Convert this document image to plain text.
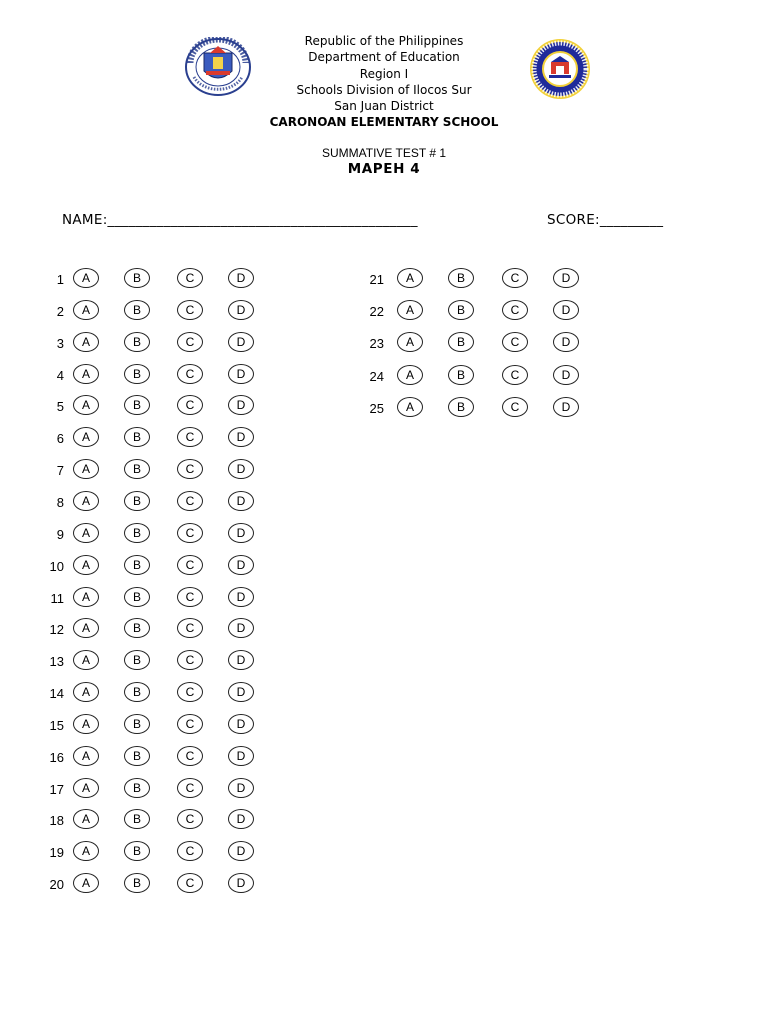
Republic of the Philippines
Department of Education
Region I
Schools Division of Ilocos Sur
San Juan District
CARONOAN ELEMENTARY SCHOOL
SUMMATIVE TEST # 1
MAPEH 4
NAME:____________________________________________	SCORE:_________
1	A	B	C	D
2	A	B	C	D
3	A	B	C	D
4	A	B	C	D
5	A	B	C	D
6	A	B	C	D
7	A	B	C	D
8	A	B	C	D
9	A	B	C	D
10	A	B	C	D
11	A	B	C	D
12	A	B	C	D
13	A	B	C	D
14	A	B	C	D
15	A	B	C	D
16	A	B	C	D
17	A	B	C	D
18	A	B	C	D
19	A	B	C	D
20	A	B	C	D
21	A	B	C	D
22	A	B	C	D
23	A	B	C	D
24	A	B	C	D
25	A	B	C	D
